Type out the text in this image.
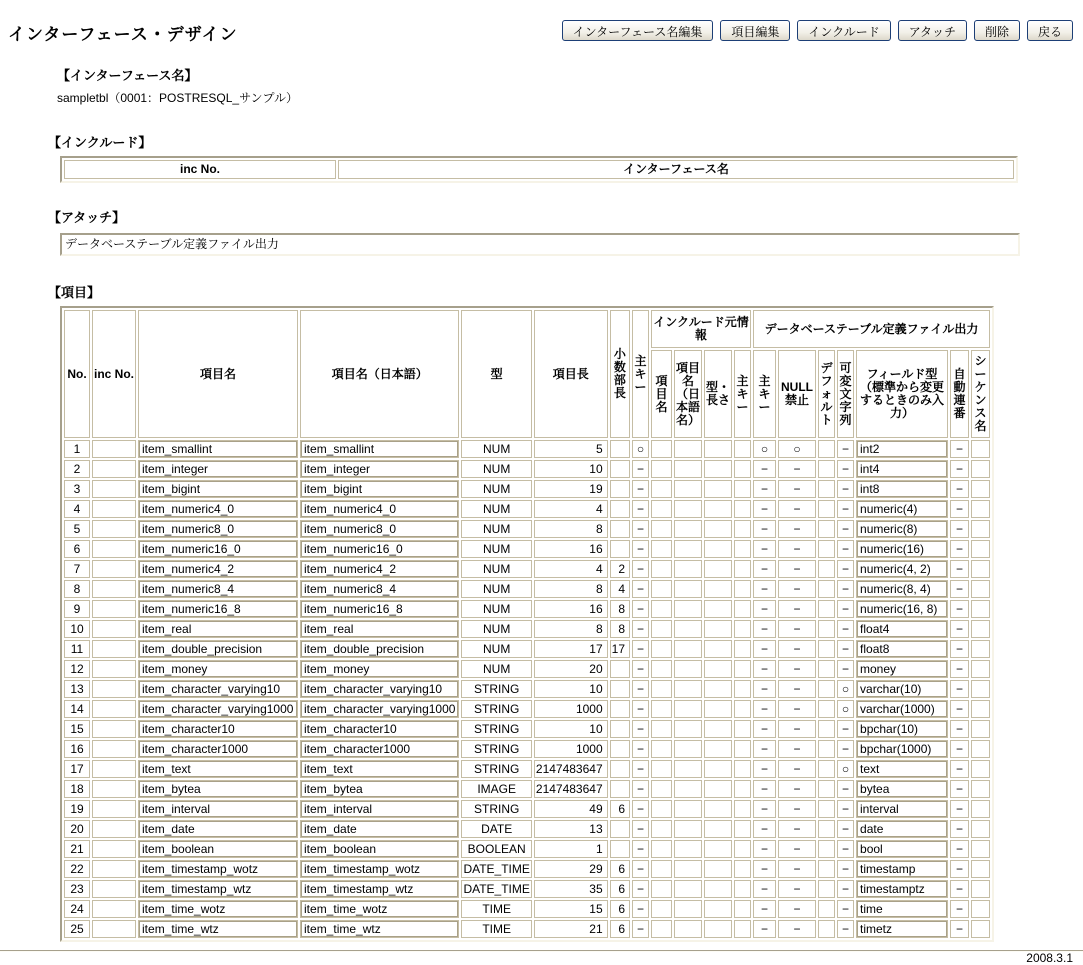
インターフェース・デザイン	インターフェース名編集	項目編集	インクルード	アタッチ	削除	戻る
【インターフェース名】
sampletbl（0001：POSTRESQL_サンプル）
【インクルード】
inc No.	インターフェース名
【アタッチ】
データベーステーブル定義ファイル出力
【項目】
No.	inc No.	項目名	項目名（日本語）	型	項目長	小数部長	主キー	インクルード元情報				データベーステーブル定義ファイル出力						
								項目名	項目名（日本語名）	型・長さ	主キー	主キー	NULL禁止	デフォルト	可変文字列	フィールド型（標準から変更するときのみ入力）	自動連番	シーケンス名
1		item_smallint	item_smallint	NUM	5		○					○	○		−	int2	−	
2		item_integer	item_integer	NUM	10		−					−	−		−	int4	−	
3		item_bigint	item_bigint	NUM	19		−					−	−		−	int8	−	
4		item_numeric4_0	item_numeric4_0	NUM	4		−					−	−		−	numeric(4)	−	
5		item_numeric8_0	item_numeric8_0	NUM	8		−					−	−		−	numeric(8)	−	
6		item_numeric16_0	item_numeric16_0	NUM	16		−					−	−		−	numeric(16)	−	
7		item_numeric4_2	item_numeric4_2	NUM	4	2	−					−	−		−	numeric(4, 2)	−	
8		item_numeric8_4	item_numeric8_4	NUM	8	4	−					−	−		−	numeric(8, 4)	−	
9		item_numeric16_8	item_numeric16_8	NUM	16	8	−					−	−		−	numeric(16, 8)	−	
10		item_real	item_real	NUM	8	8	−					−	−		−	float4	−	
11		item_double_precision	item_double_precision	NUM	17	17	−					−	−		−	float8	−	
12		item_money	item_money	NUM	20		−					−	−		−	money	−	
13		item_character_varying10	item_character_varying10	STRING	10		−					−	−		○	varchar(10)	−	
14		item_character_varying1000	item_character_varying1000	STRING	1000		−					−	−		○	varchar(1000)	−	
15		item_character10	item_character10	STRING	10		−					−	−		−	bpchar(10)	−	
16		item_character1000	item_character1000	STRING	1000		−					−	−		−	bpchar(1000)	−	
17		item_text	item_text	STRING	2147483647		−					−	−		○	text	−	
18		item_bytea	item_bytea	IMAGE	2147483647		−					−	−		−	bytea	−	
19		item_interval	item_interval	STRING	49	6	−					−	−		−	interval	−	
20		item_date	item_date	DATE	13		−					−	−		−	date	−	
21		item_boolean	item_boolean	BOOLEAN	1		−					−	−		−	bool	−	
22		item_timestamp_wotz	item_timestamp_wotz	DATE_TIME	29	6	−					−	−		−	timestamp	−	
23		item_timestamp_wtz	item_timestamp_wtz	DATE_TIME	35	6	−					−	−		−	timestamptz	−	
24		item_time_wotz	item_time_wotz	TIME	15	6	−					−	−		−	time	−	
25		item_time_wtz	item_time_wtz	TIME	21	6	−					−	−		−	timetz	−	
2008.3.1
